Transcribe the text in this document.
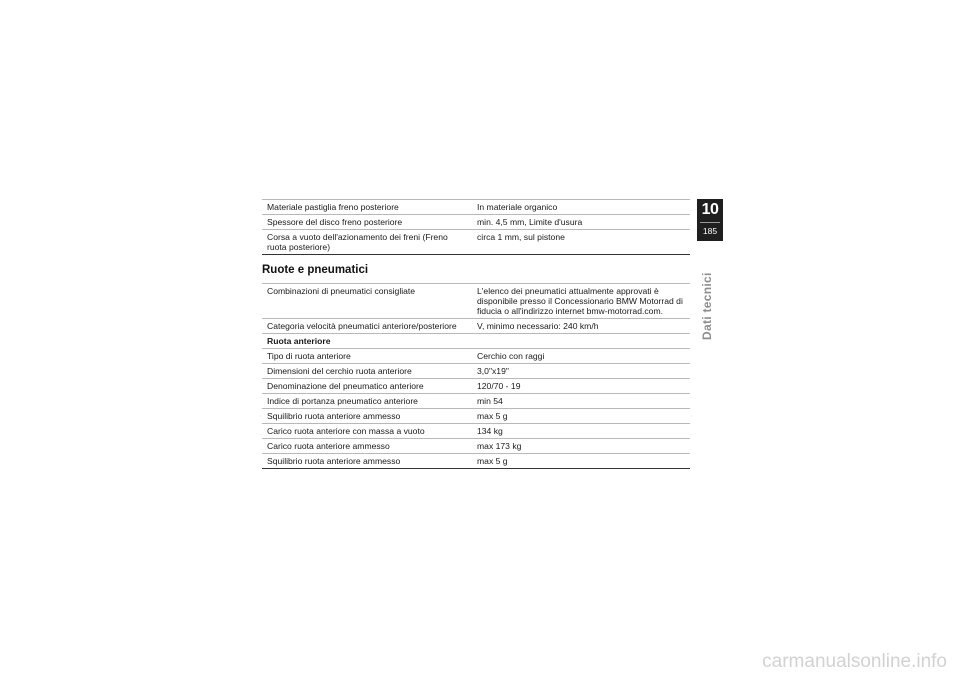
Materiale pastiglia freno posteriore	In materiale organico
Spessore del disco freno posteriore	min. 4,5 mm, Limite d'usura
Corsa a vuoto dell'azionamento dei freni (Freno ruota posteriore)	circa 1 mm, sul pistone
Ruote e pneumatici
Combinazioni di pneumatici consigliate	L'elenco dei pneumatici attualmente approvati è disponibile presso il Concessionario BMW Motorrad di fiducia o all'indirizzo internet bmw-motorrad.com.
Categoria velocità pneumatici anteriore/posteriore	V, minimo necessario: 240 km/h
Ruota anteriore	
Tipo di ruota anteriore	Cerchio con raggi
Dimensioni del cerchio ruota anteriore	3,0"x19"
Denominazione del pneumatico anteriore	120/70 - 19
Indice di portanza pneumatico anteriore	min 54
Squilibrio ruota anteriore ammesso	max 5 g
Carico ruota anteriore con massa a vuoto	134 kg
Carico ruota anteriore ammesso	max 173 kg
Squilibrio ruota anteriore ammesso	max 5 g
10
185
Dati tecnici
carmanualsonline.info
